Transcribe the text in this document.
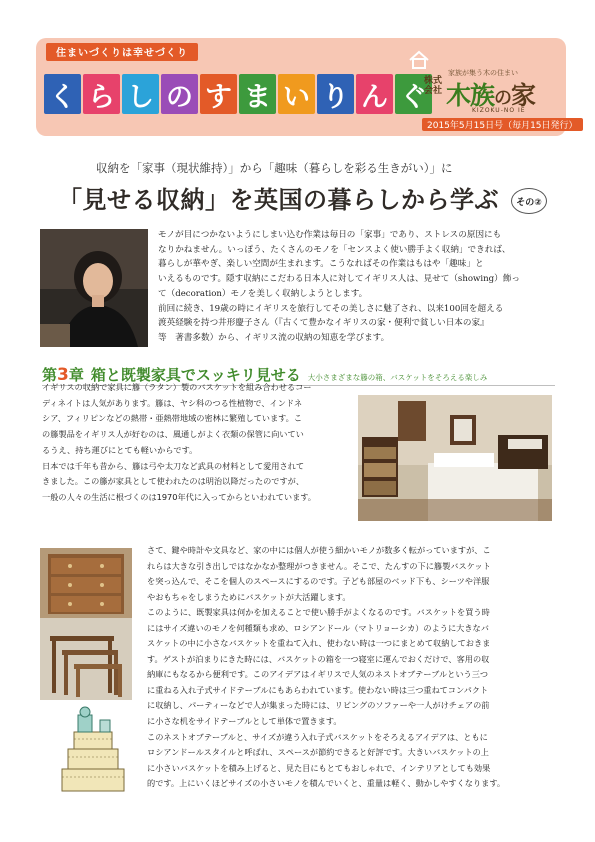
住まいづくりは幸せづくり
く ら し の す ま い り ん ぐ
家族が集う木の住まい
株式会社 木族の家
KIZOKU-NO IE
2015年5月15日号（毎月15日発行）
収納を「家事（現状維持）」から「趣味（暮らしを彩る生きがい）」に
「見せる収納」を英国の暮らしから学ぶ	その②

モノが目につかないようにしまい込む作業は毎日の「家事」であり、ストレスの原因にも
なりかねません。いっぽう、たくさんのモノを「センスよく使い勝手よく収納」できれば、
暮らしが華やぎ、楽しい空間が生まれます。こうなればその作業はもはや「趣味」と
いえるものです。隠す収納にこだわる日本人に対してイギリス人は、見せて（showing）飾っ
て（decoration）モノを美しく収納しようとします。
前回に続き、19歳の時にイギリスを旅行してその美しさに魅了され、以来100回を超える
渡英経験を持つ井形慶子さん（『古くて豊かなイギリスの家・便利で貧しい日本の家』
等　著書多数）から、イギリス流の収納の知恵を学びます。

第3章 箱と既製家具でスッキリ見せる 大小さまざまな籐の箱、バスケットをそろえる楽しみ

イギリスの収納で家具に籐（ラタン）製のバスケットを組み合わせるコー
ディネイトは人気があります。籐は、ヤシ科のつる性植物で、インドネ
シア、フィリピンなどの熱帯・亜熱帯地域の密林に繁殖しています。こ
の籐製品をイギリス人が好むのは、風通しがよく衣類の保管に向いてい
るうえ、持ち運びにとても軽いからです。
日本では千年も昔から、籐は弓や太刀など武具の材料として愛用されて
きました。この籐が家具として使われたのは明治以降だったのですが、
一般の人々の生活に根づくのは1970年代に入ってからといわれています。

さて、鍵や時計や文具など、家の中には個人が使う細かいモノが数多く転がっていますが、こ
れらは大きな引き出しではなかなか整理がつきません。そこで、たんすの下に籐製バスケット
を突っ込んで、そこを個人のスペースにするのです。子ども部屋のベッド下も、シーツや洋服
やおもちゃをしまうためにバスケットが大活躍します。
このように、既製家具は何かを加えることで使い勝手がよくなるのです。バスケットを買う時
にはサイズ違いのモノを何種類も求め、ロシアンドール（マトリョーシカ）のように大きなバ
スケットの中に小さなバスケットを重ねて入れ、使わない時は一つにまとめて収納しておきま
す。ゲストが泊まりにきた時には、バスケットの箱を一つ寝室に運んでおくだけで、客用の収
納庫にもなるから便利です。このアイデアはイギリスで人気のネストオブテーブルという三つ
に重ねる入れ子式サイドテーブルにもあらわれています。使わない時は三つ重ねてコンパクト
に収納し、パーティーなどで人が集まった時には、リビングのソファーや一人がけチェアの前
に小さな机をサイドテーブルとして単体で置きます。
このネストオブテーブルと、サイズが違う入れ子式バスケットをそろえるアイデアは、ともに
ロシアンドールスタイルと呼ばれ、スペースが節約できると好評です。大きいバスケットの上
に小さいバスケットを積み上げると、見た目にもとてもおしゃれで、インテリアとしても効果
的です。上にいくほどサイズの小さいモノを積んでいくと、重量は軽く、動かしやすくなります。
